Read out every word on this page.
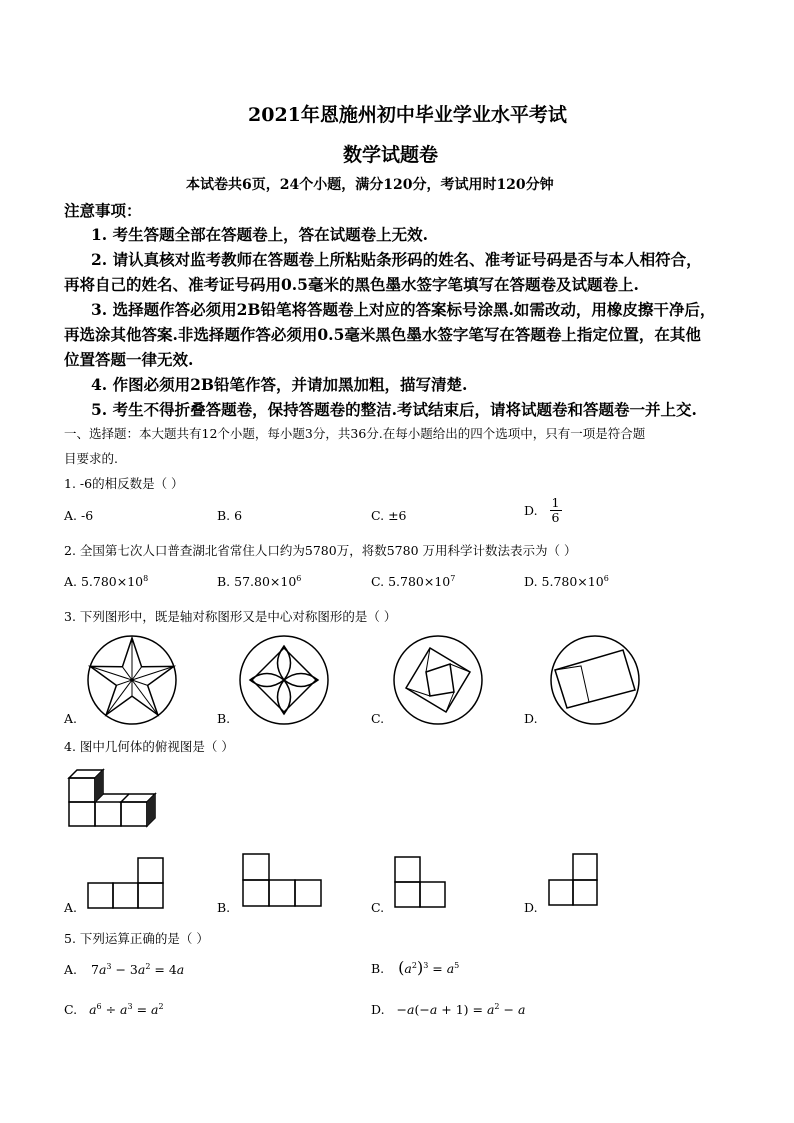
2021年恩施州初中毕业学业水平考试
数学试题卷
本试卷共6页，24个小题，满分120分，考试用时120分钟
注意事项：
1. 考生答题全部在答题卷上，答在试题卷上无效.
2. 请认真核对监考教师在答题卷上所粘贴条形码的姓名、准考证号码是否与本人相符合，
再将自己的姓名、准考证号码用0.5毫米的黑色墨水签字笔填写在答题卷及试题卷上.
3. 选择题作答必须用2B铅笔将答题卷上对应的答案标号涂黑.如需改动，用橡皮擦干净后，
再选涂其他答案.非选择题作答必须用0.5毫米黑色墨水签字笔写在答题卷上指定位置，在其他
位置答题一律无效.
4. 作图必须用2B铅笔作答，并请加黑加粗，描写清楚.
5. 考生不得折叠答题卷，保持答题卷的整洁.考试结束后，请将试题卷和答题卷一并上交.
一、选择题：本大题共有12个小题，每小题3分，共36分.在每小题给出的四个选项中，只有一项是符合题
目要求的.
1. -6的相反数是（ ）
A. -6	B. 6	C. ±6	D. $\frac{1}{6}$
2. 全国第七次人口普查湖北省常住人口约为5780万，将数5780 万用科学计数法表示为（ ）
A. $5.780\times 10^8$	B. $57.80\times 10^6$	C. $5.780\times 10^7$	D. $5.780\times 10^6$
3. 下列图形中，既是轴对称图形又是中心对称图形的是（ ）
A.	B.	C.	D.
4. 图中几何体的俯视图是（ ）
A.	B.	C.	D.
5. 下列运算正确的是（ ）
A. $7a^3 - 3a^2 = 4a$	B. $(a^2)^3 = a^5$
C. $a^6 \div a^3 = a^2$	D. $-a(-a + 1) = a^2 - a$
